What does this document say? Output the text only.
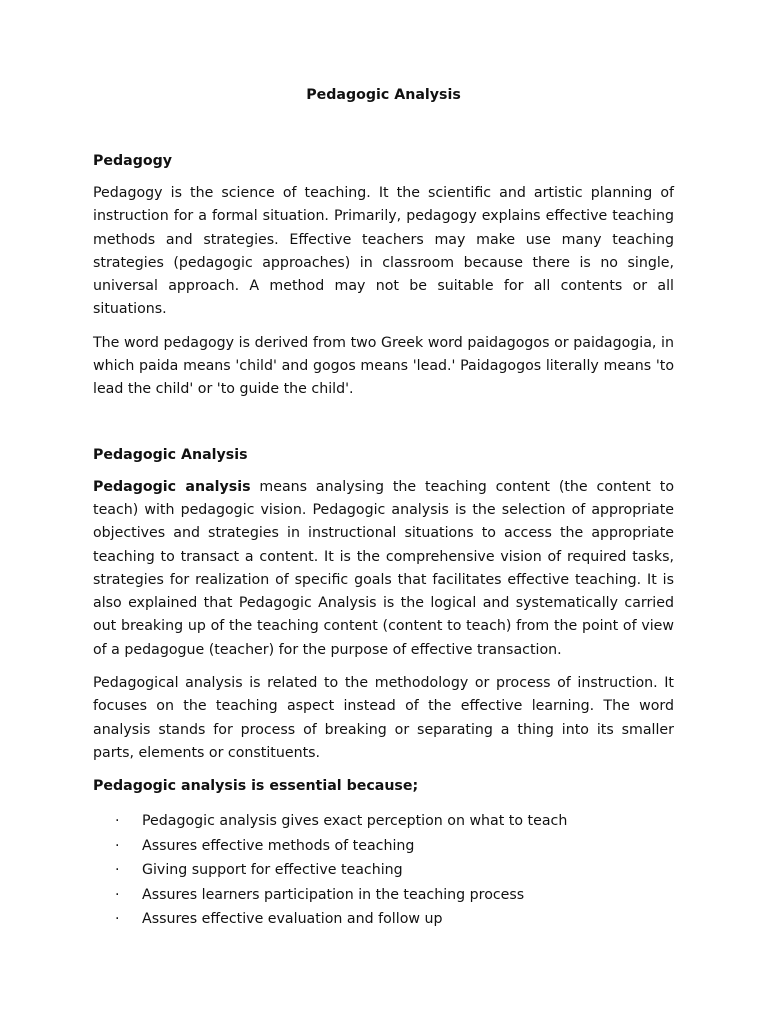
Pedagogic Analysis
Pedagogy

Pedagogy is the science of teaching. It the scientific and artistic planning of instruction for a formal situation. Primarily, pedagogy explains effective teaching methods and strategies. Effective teachers may make use many teaching strategies (pedagogic approaches) in classroom because there is no single, universal approach. A method may not be suitable for all contents or all situations.

The word pedagogy is derived from two Greek word paidagogos or paidagogia, in which paida means 'child' and gogos means 'lead.' Paidagogos literally means 'to lead the child' or 'to guide the child'.

Pedagogic Analysis

Pedagogic analysis means analysing the teaching content (the content to teach) with pedagogic vision. Pedagogic analysis is the selection of appropriate objectives and strategies in instructional situations to access the appropriate teaching to transact a content. It is the comprehensive vision of required tasks, strategies for realization of specific goals that facilitates effective teaching. It is also explained that Pedagogic Analysis is the logical and systematically carried out breaking up of the teaching content (content to teach) from the point of view of a pedagogue (teacher) for the purpose of effective transaction.

Pedagogical analysis is related to the methodology or process of instruction. It focuses on the teaching aspect instead of the effective learning. The word analysis stands for process of breaking or separating a thing into its smaller parts, elements or constituents.

Pedagogic analysis is essential because;
· Pedagogic analysis gives exact perception on what to teach
· Assures effective methods of teaching
· Giving support for effective teaching
· Assures learners participation in the teaching process
· Assures effective evaluation and follow up
